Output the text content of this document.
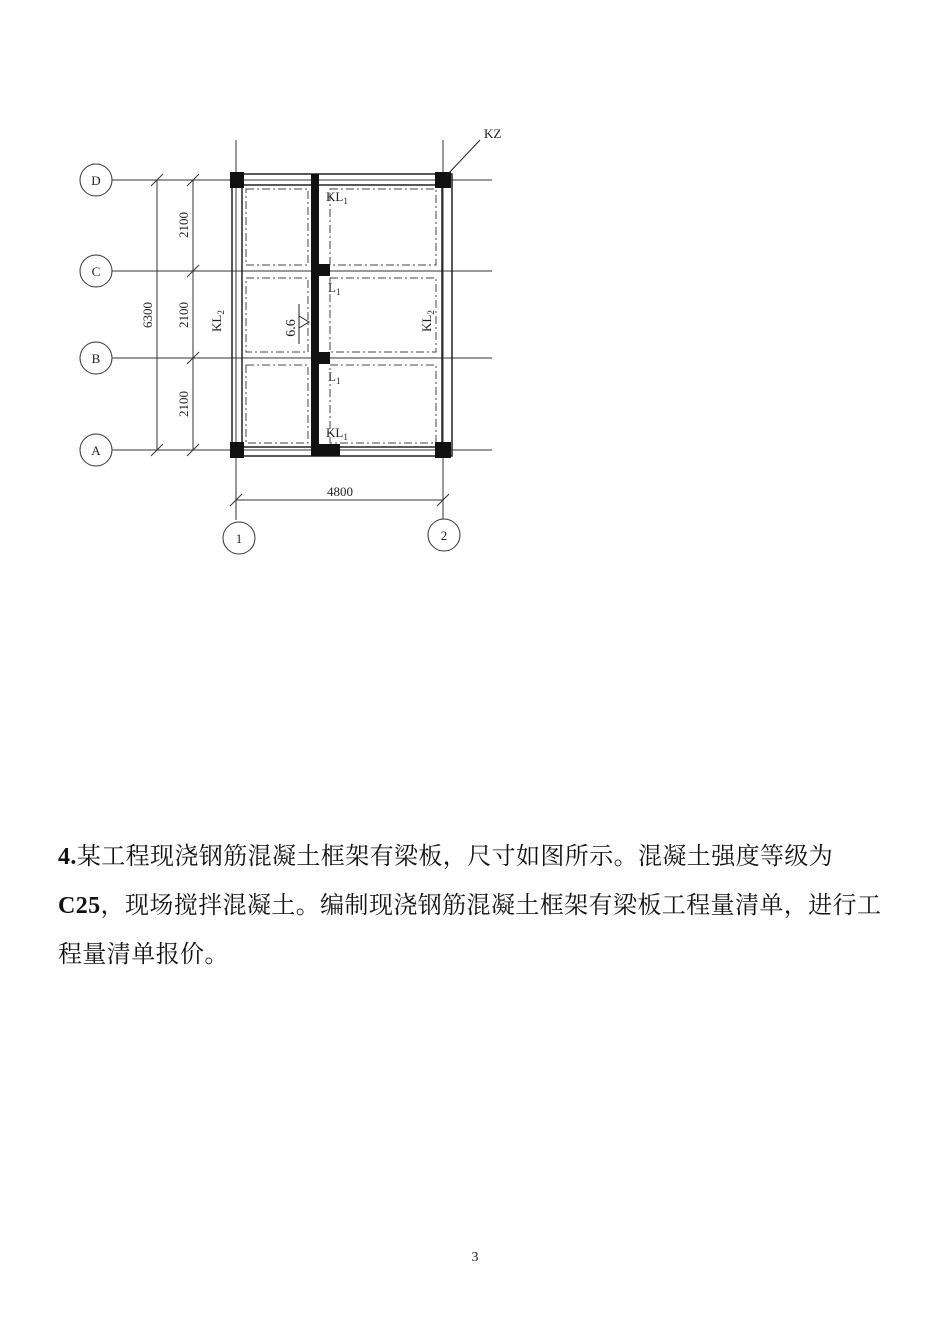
KZ
D
C
B
A
1	2
6300
2100
2100
2100
4800
$KL_1$
$L_1$
$L_1$
$KL_1$
$KL_2$
$KL_2$
6.6

4.某工程现浇钢筋混凝土框架有梁板，尺寸如图所示。混凝土强度等级为C25，现场搅拌混凝土。编制现浇钢筋混凝土框架有梁板工程量清单，进行工程量清单报价。

3
